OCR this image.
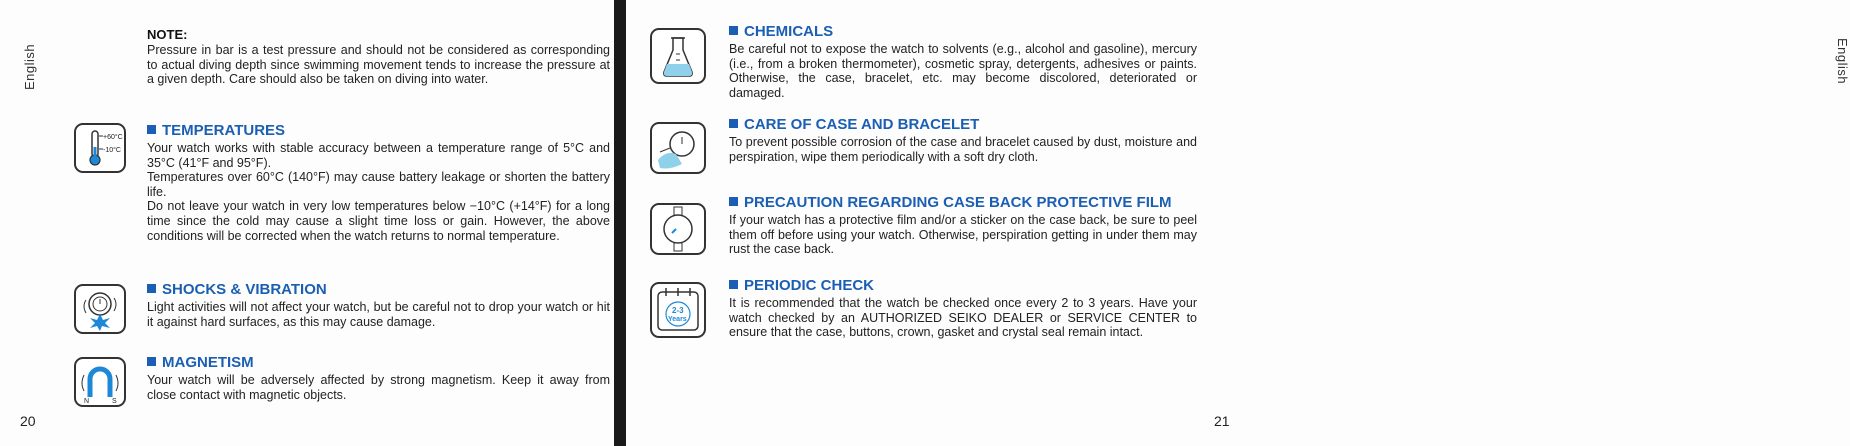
English
NOTE:
Pressure in bar is a test pressure and should not be considered as corresponding to actual diving depth since swimming movement tends to increase the pressure at a given depth. Care should also be taken on diving into water.
+60°C
-10°C
TEMPERATURES
Your watch works with stable accuracy between a temperature range of 5°C and 35°C (41°F and 95°F).
Temperatures over 60°C (140°F) may cause battery leakage or shorten the battery life.
Do not leave your watch in very low temperatures below −10°C (+14°F) for a long time since the cold may cause a slight time loss or gain. However, the above conditions will be corrected when the watch returns to normal temperature.
SHOCKS & VIBRATION
Light activities will not affect your watch, but be careful not to drop your watch or hit it against hard surfaces, as this may cause damage.
N	S
MAGNETISM
Your watch will be adversely affected by strong magnetism. Keep it away from close contact with magnetic objects.
20
English
CHEMICALS
Be careful not to expose the watch to solvents (e.g., alcohol and gasoline), mercury (i.e., from a broken thermometer), cosmetic spray, detergents, adhesives or paints. Otherwise, the case, bracelet, etc. may become discolored, deteriorated or damaged.
CARE OF CASE AND BRACELET
To prevent possible corrosion of the case and bracelet caused by dust, moisture and perspiration, wipe them periodically with a soft dry cloth.
PRECAUTION REGARDING CASE BACK PROTECTIVE FILM
If your watch has a protective film and/or a sticker on the case back, be sure to peel them off before using your watch. Otherwise, perspiration getting in under them may rust the case back.
2-3
Years
PERIODIC CHECK
It is recommended that the watch be checked once every 2 to 3 years. Have your watch checked by an AUTHORIZED SEIKO DEALER or SERVICE CENTER to ensure that the case, buttons, crown, gasket and crystal seal remain intact.
21
